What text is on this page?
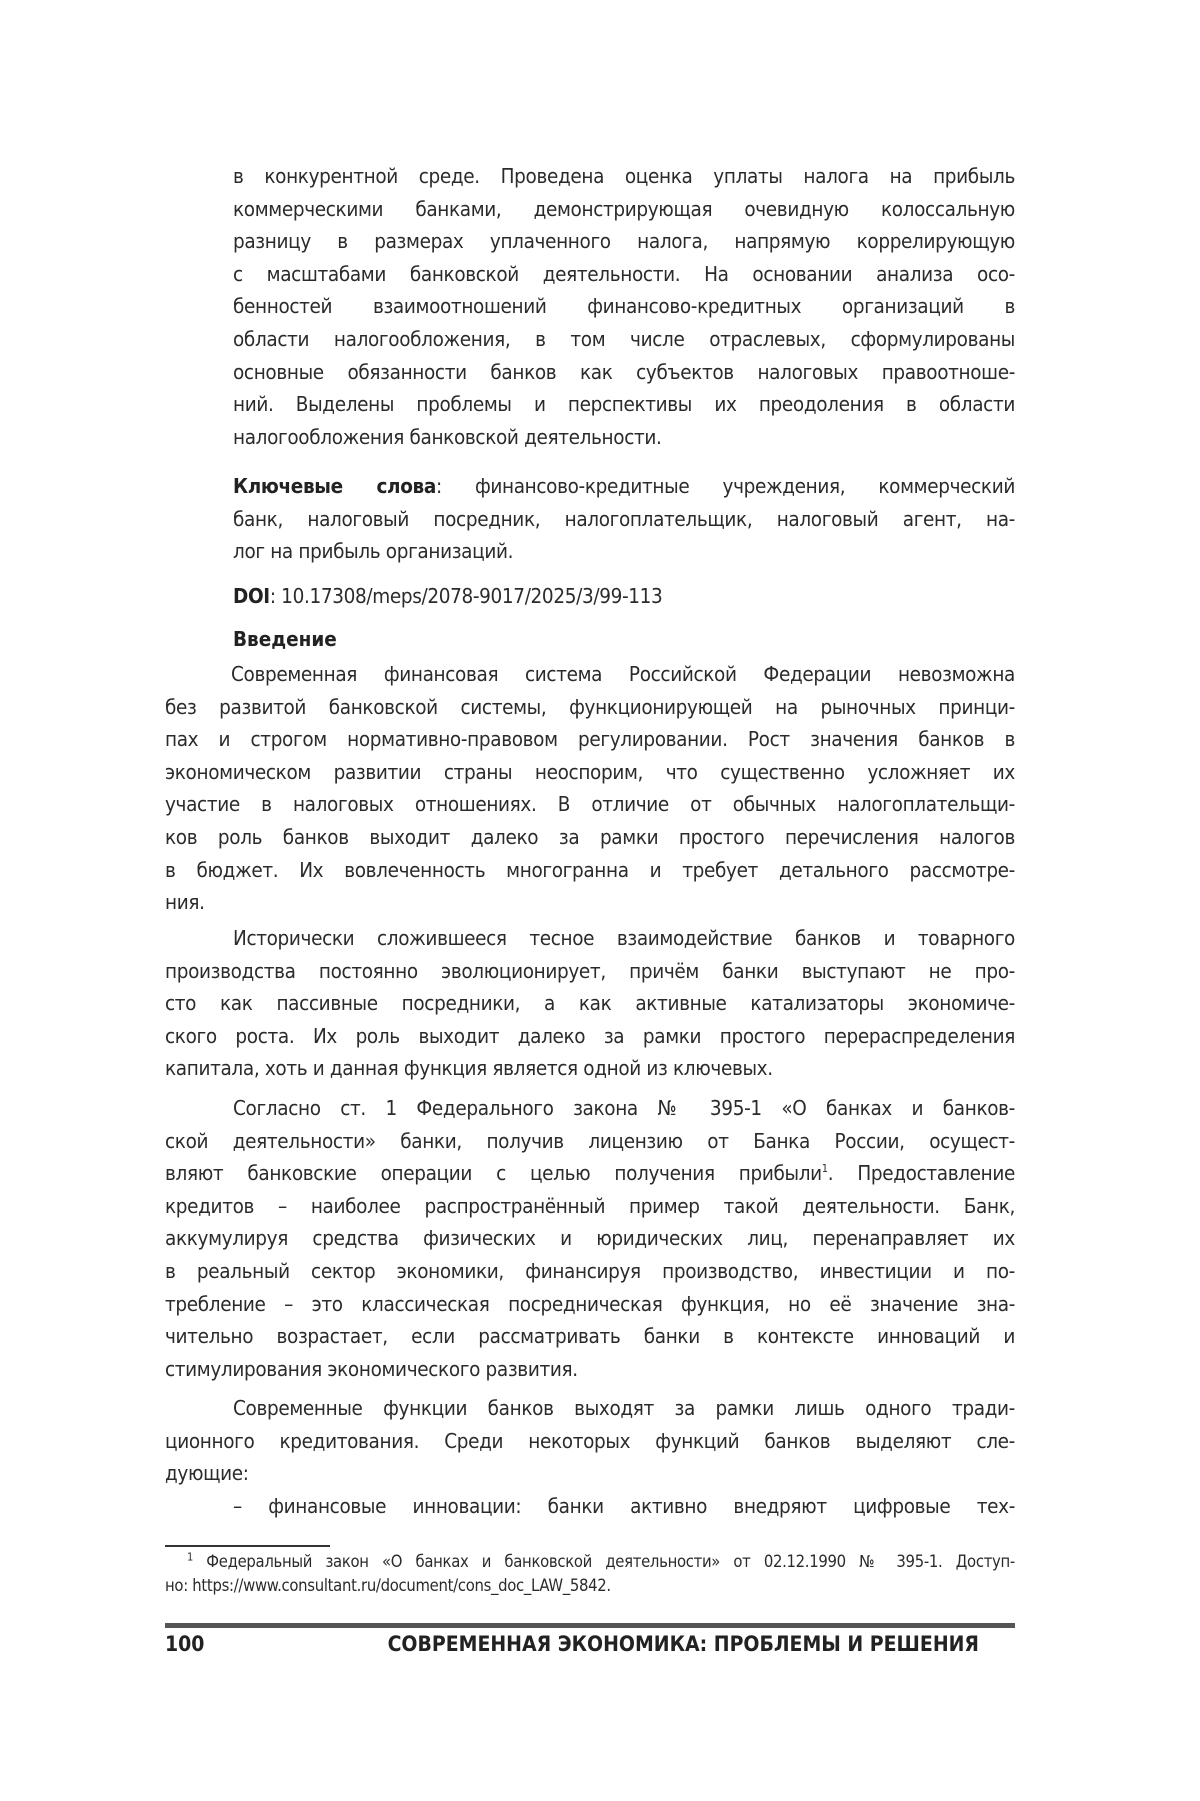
в конкурентной среде. Проведена оценка уплаты налога на прибыль
коммерческими банками, демонстрирующая очевидную колоссальную
разницу в размерах уплаченного налога, напрямую коррелирующую
с масштабами банковской деятельности. На основании анализа осо-
бенностей взаимоотношений финансово-кредитных организаций в
области налогообложения, в том числе отраслевых, сформулированы
основные обязанности банков как субъектов налоговых правоотноше-
ний. Выделены проблемы и перспективы их преодоления в области
налогообложения банковской деятельности.
Ключевые слова: финансово-кредитные учреждения, коммерческий
банк, налоговый посредник, налогоплательщик, налоговый агент, на-
лог на прибыль организаций.
DOI: 10.17308/meps/2078-9017/2025/3/99-113
Введение
Современная финансовая система Российской Федерации невозможна
без развитой банковской системы, функционирующей на рыночных принци-
пах и строгом нормативно-правовом регулировании. Рост значения банков в
экономическом развитии страны неоспорим, что существенно усложняет их
участие в налоговых отношениях. В отличие от обычных налогоплательщи-
ков роль банков выходит далеко за рамки простого перечисления налогов
в бюджет. Их вовлеченность многогранна и требует детального рассмотре-
ния.
Исторически сложившееся тесное взаимодействие банков и товарного
производства постоянно эволюционирует, причём банки выступают не про-
сто как пассивные посредники, а как активные катализаторы экономиче-
ского роста. Их роль выходит далеко за рамки простого перераспределения
капитала, хоть и данная функция является одной из ключевых.
Согласно ст. 1 Федерального закона № 395-1 «О банках и банков-
ской деятельности» банки, получив лицензию от Банка России, осущест-
вляют банковские операции с целью получения прибыли$^1$. Предоставление
кредитов – наиболее распространённый пример такой деятельности. Банк,
аккумулируя средства физических и юридических лиц, перенаправляет их
в реальный сектор экономики, финансируя производство, инвестиции и по-
требление – это классическая посредническая функция, но её значение зна-
чительно возрастает, если рассматривать банки в контексте инноваций и
стимулирования экономического развития.
Современные функции банков выходят за рамки лишь одного тради-
ционного кредитования. Среди некоторых функций банков выделяют сле-
дующие:
– финансовые инновации: банки активно внедряют цифровые тех-
$^1$ Федеральный закон «О банках и банковской деятельности» от 02.12.1990 № 395-1. Доступ-
но: https://www.consultant.ru/document/cons_doc_LAW_5842.
100	СОВРЕМЕННАЯ ЭКОНОМИКА: ПРОБЛЕМЫ И РЕШЕНИЯ
